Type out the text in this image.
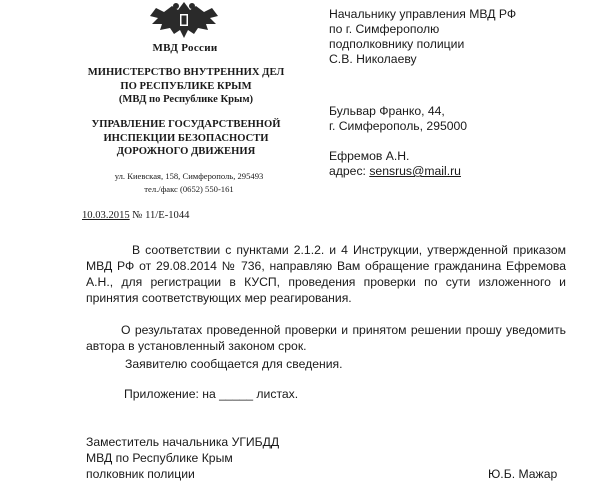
МВД России
МИНИСТЕРСТВО ВНУТРЕННИХ ДЕЛ
ПО РЕСПУБЛИКЕ КРЫМ
(МВД по Республике Крым)
УПРАВЛЕНИЕ ГОСУДАРСТВЕННОЙ
ИНСПЕКЦИИ БЕЗОПАСНОСТИ
ДОРОЖНОГО ДВИЖЕНИЯ
ул. Киевская, 158, Симферополь, 295493
тел./факс (0652) 550-161
10.03.2015 № 11/Е-1044
Начальнику управления МВД РФ
по г. Симферополю
подполковнику полиции
С.В. Николаеву
Бульвар Франко, 44,
г. Симферополь, 295000
Ефремов А.Н.
адрес: sensrus@mail.ru
В соответствии с пунктами 2.1.2. и 4 Инструкции, утвержденной приказом МВД РФ от 29.08.2014 № 736, направляю Вам обращение гражданина Ефремова А.Н., для регистрации в КУСП, проведения проверки по сути изложенного и принятия соответствующих мер реагирования.
О результатах проведенной проверки и принятом решении прошу уведомить автора в установленный законом срок.
Заявителю сообщается для сведения.
Приложение: на _____ листах.
Заместитель начальника УГИБДД
МВД по Республике Крым
полковник полиции	Ю.Б. Мажар
